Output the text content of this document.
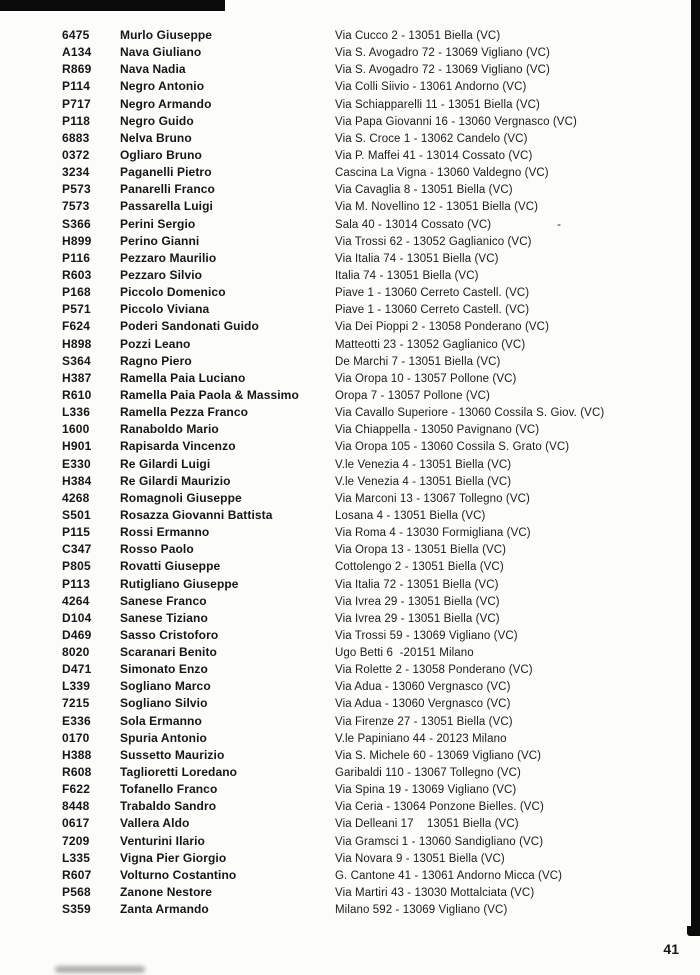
6475	Murlo Giuseppe	Via Cucco 2 - 13051 Biella (VC)
A134	Nava Giuliano	Via S. Avogadro 72 - 13069 Vigliano (VC)
R869	Nava Nadia	Via S. Avogadro 72 - 13069 Vigliano (VC)
P114	Negro Antonio	Via Colli Siivio - 13061 Andorno (VC)
P717	Negro Armando	Via Schiapparelli 11 - 13051 Biella (VC)
P118	Negro Guido	Via Papa Giovanni 16 - 13060 Vergnasco (VC)
6883	Nelva Bruno	Via S. Croce 1 - 13062 Candelo (VC)
0372	Ogliaro Bruno	Via P. Maffei 41 - 13014 Cossato (VC)
3234	Paganelli Pietro	Cascina La Vigna - 13060 Valdegno (VC)
P573	Panarelli Franco	Via Cavaglia 8 - 13051 Biella (VC)
7573	Passarella Luigi	Via M. Novellino 12 - 13051 Biella (VC)
S366	Perini Sergio	Sala 40 - 13014 Cossato (VC)                    -
H899	Perino Gianni	Via Trossi 62 - 13052 Gaglianico (VC)
P116	Pezzaro Maurilio	Via Italia 74 - 13051 Biella (VC)
R603	Pezzaro Silvio	Italia 74 - 13051 Biella (VC)
P168	Piccolo Domenico	Piave 1 - 13060 Cerreto Castell. (VC)
P571	Piccolo Viviana	Piave 1 - 13060 Cerreto Castell. (VC)
F624	Poderi Sandonati Guido	Via Dei Pioppi 2 - 13058 Ponderano (VC)
H898	Pozzi Leano	Matteotti 23 - 13052 Gaglianico (VC)
S364	Ragno Piero	De Marchi 7 - 13051 Biella (VC)
H387	Ramella Paia Luciano	Via Oropa 10 - 13057 Pollone (VC)
R610	Ramella Paia Paola & Massimo	Oropa 7 - 13057 Pollone (VC)
L336	Ramella Pezza Franco	Via Cavallo Superiore - 13060 Cossila S. Giov. (VC)
1600	Ranaboldo Mario	Via Chiappella - 13050 Pavignano (VC)
H901	Rapisarda Vincenzo	Via Oropa 105 - 13060 Cossila S. Grato (VC)
E330	Re Gilardi Luigi	V.le Venezia 4 - 13051 Biella (VC)
H384	Re Gilardi Maurizio	V.le Venezia 4 - 13051 Biella (VC)
4268	Romagnoli Giuseppe	Via Marconi 13 - 13067 Tollegno (VC)
S501	Rosazza Giovanni Battista	Losana 4 - 13051 Biella (VC)
P115	Rossi Ermanno	Via Roma 4 - 13030 Formigliana (VC)
C347	Rosso Paolo	Via Oropa 13 - 13051 Biella (VC)
P805	Rovatti Giuseppe	Cottolengo 2 - 13051 Biella (VC)
P113	Rutigliano Giuseppe	Via Italia 72 - 13051 Biella (VC)
4264	Sanese Franco	Via Ivrea 29 - 13051 Biella (VC)
D104	Sanese Tiziano	Via Ivrea 29 - 13051 Biella (VC)
D469	Sasso Cristoforo	Via Trossi 59 - 13069 Vigliano (VC)
8020	Scaranari Benito	Ugo Betti 6  -20151 Milano
D471	Simonato Enzo	Via Rolette 2 - 13058 Ponderano (VC)
L339	Sogliano Marco	Via Adua - 13060 Vergnasco (VC)
7215	Sogliano Silvio	Via Adua - 13060 Vergnasco (VC)
E336	Sola Ermanno	Via Firenze 27 - 13051 Biella (VC)
0170	Spuria Antonio	V.le Papiniano 44 - 20123 Milano
H388	Sussetto Maurizio	Via S. Michele 60 - 13069 Vigliano (VC)
R608	Taglioretti Loredano	Garibaldi 110 - 13067 Tollegno (VC)
F622	Tofanello Franco	Via Spina 19 - 13069 Vigliano (VC)
8448	Trabaldo Sandro	Via Ceria - 13064 Ponzone Bielles. (VC)
0617	Vallera Aldo	Via Delleani 17    13051 Biella (VC)
7209	Venturini Ilario	Via Gramsci 1 - 13060 Sandigliano (VC)
L335	Vigna Pier Giorgio	Via Novara 9 - 13051 Biella (VC)
R607	Volturno Costantino	G. Cantone 41 - 13061 Andorno Micca (VC)
P568	Zanone Nestore	Via Martiri 43 - 13030 Mottalciata (VC)
S359	Zanta Armando	Milano 592 - 13069 Vigliano (VC)
41
